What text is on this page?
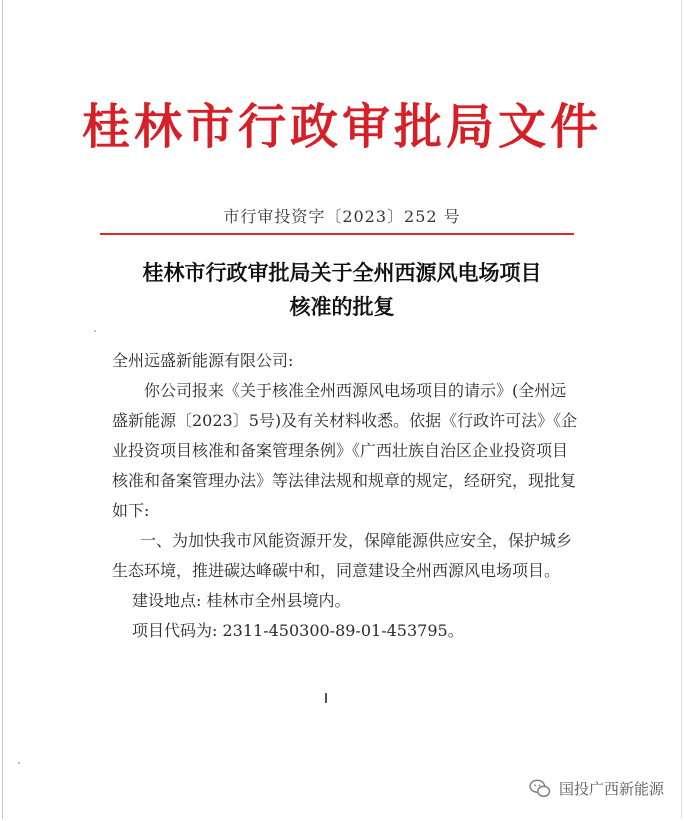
桂林市行政审批局文件
市行审投资字〔2023〕252 号
桂林市行政审批局关于全州西源风电场项目
核准的批复

全州远盛新能源有限公司:

你公司报来《关于核准全州西源风电场项目的请示》(全州远盛新能源〔2023〕5号)及有关材料收悉。依据《行政许可法》《企业投资项目核准和备案管理条例》《广西壮族自治区企业投资项目核准和备案管理办法》等法律法规和规章的规定，经研究，现批复如下:

一、为加快我市风能资源开发，保障能源供应安全，保护城乡生态环境，推进碳达峰碳中和，同意建设全州西源风电场项目。

建设地点: 桂林市全州县境内。

项目代码为: 2311-450300-89-01-453795。

国投广西新能源
